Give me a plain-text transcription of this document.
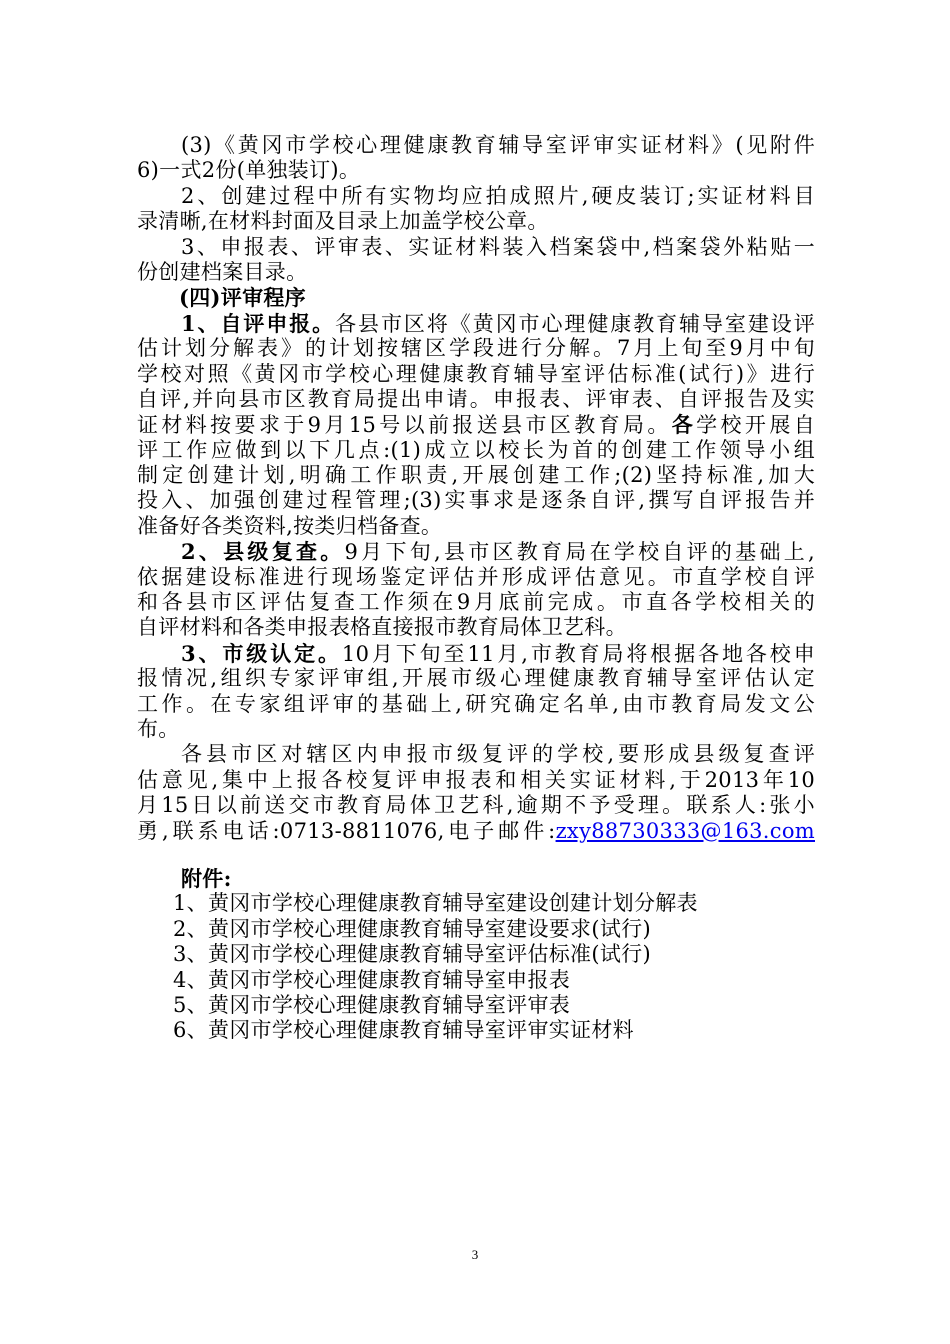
(3)《黄冈市学校心理健康教育辅导室评审实证材料》(见附件
6)一式2份(单独装订)。
2、创建过程中所有实物均应拍成照片,硬皮装订;实证材料目
录清晰,在材料封面及目录上加盖学校公章。
3、申报表、评审表、实证材料装入档案袋中,档案袋外粘贴一
份创建档案目录。
(四)评审程序
1、自评申报。各县市区将《黄冈市心理健康教育辅导室建设评
估计划分解表》的计划按辖区学段进行分解。7月上旬至9月中旬
学校对照《黄冈市学校心理健康教育辅导室评估标准(试行)》进行
自评,并向县市区教育局提出申请。申报表、评审表、自评报告及实
证材料按要求于9月15号以前报送县市区教育局。各学校开展自
评工作应做到以下几点:(1)成立以校长为首的创建工作领导小组
制定创建计划,明确工作职责,开展创建工作;(2)坚持标准,加大
投入、加强创建过程管理;(3)实事求是逐条自评,撰写自评报告并
准备好各类资料,按类归档备查。
2、县级复查。9月下旬,县市区教育局在学校自评的基础上,
依据建设标准进行现场鉴定评估并形成评估意见。市直学校自评
和各县市区评估复查工作须在9月底前完成。市直各学校相关的
自评材料和各类申报表格直接报市教育局体卫艺科。
3、市级认定。10月下旬至11月,市教育局将根据各地各校申
报情况,组织专家评审组,开展市级心理健康教育辅导室评估认定
工作。在专家组评审的基础上,研究确定名单,由市教育局发文公
布。
各县市区对辖区内申报市级复评的学校,要形成县级复查评
估意见,集中上报各校复评申报表和相关实证材料,于2013年10
月15日以前送交市教育局体卫艺科,逾期不予受理。联系人:张小
勇,联系电话:0713-8811076,电子邮件:zxy88730333@163.com
附件:
1、黄冈市学校心理健康教育辅导室建设创建计划分解表
2、黄冈市学校心理健康教育辅导室建设要求(试行)
3、黄冈市学校心理健康教育辅导室评估标准(试行)
4、黄冈市学校心理健康教育辅导室申报表
5、黄冈市学校心理健康教育辅导室评审表
6、黄冈市学校心理健康教育辅导室评审实证材料
3
